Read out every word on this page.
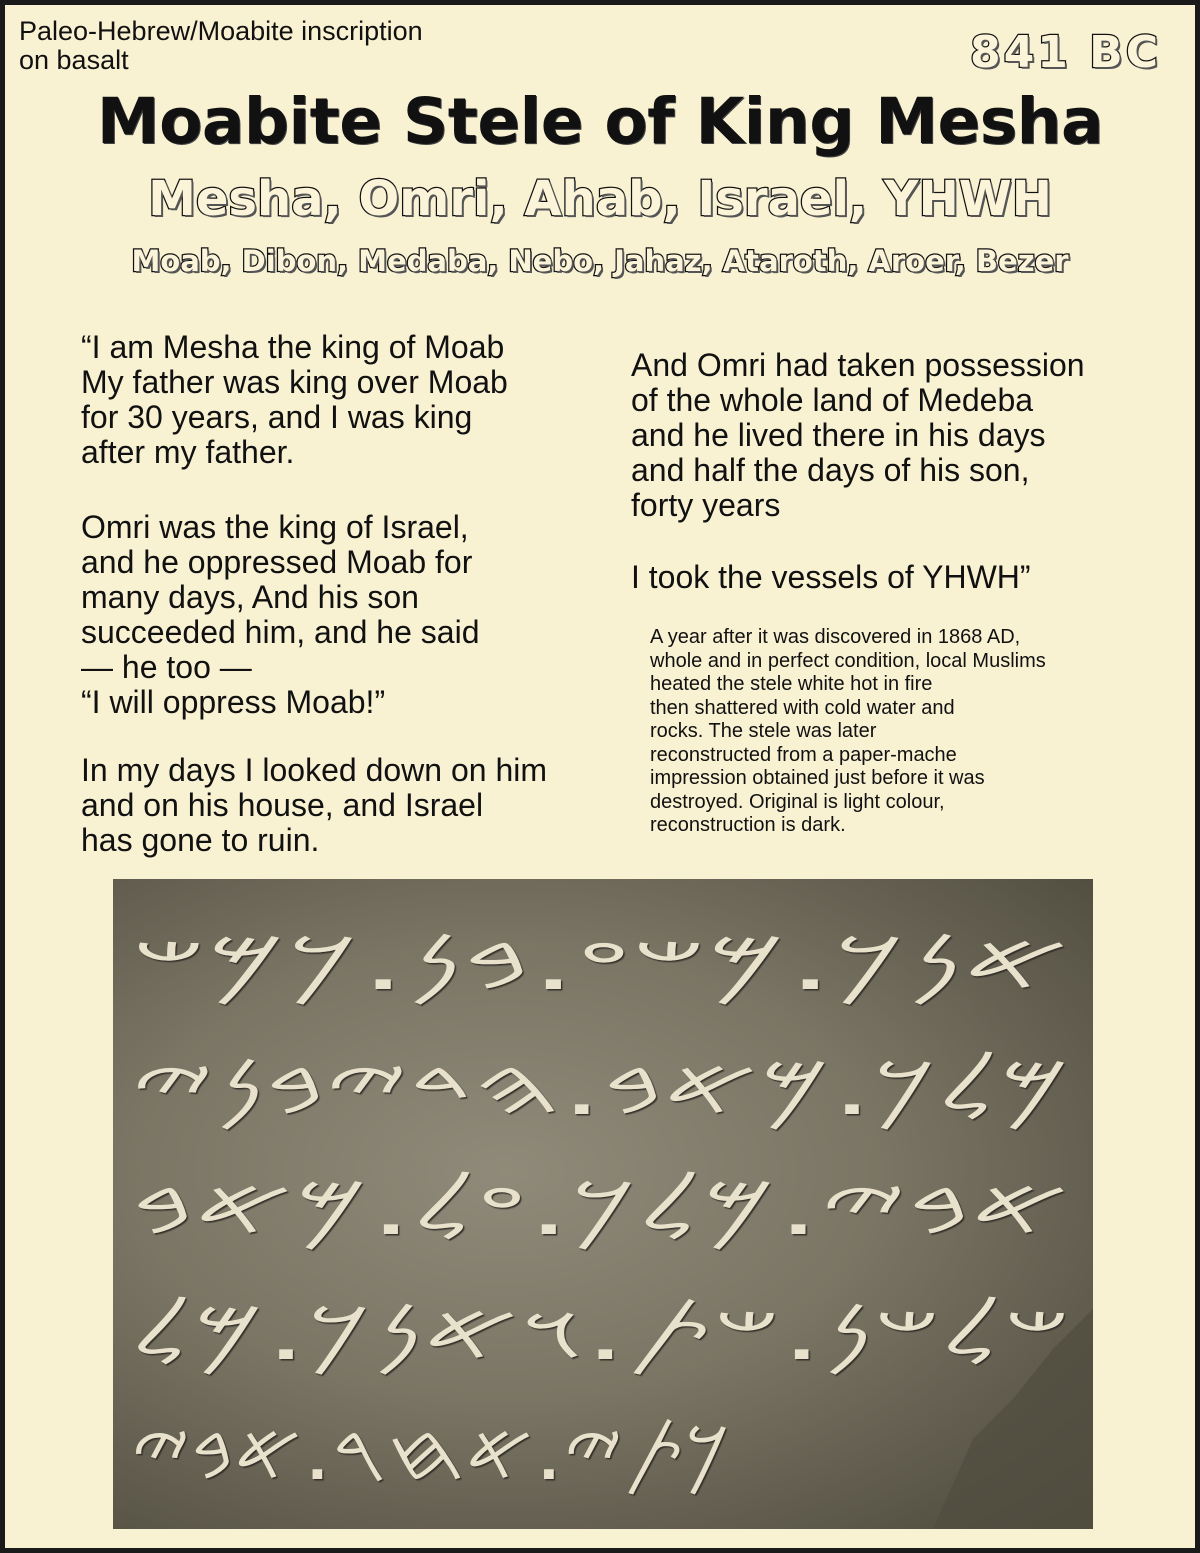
Paleo-Hebrew/Moabite inscription
on basalt	841 BC
Moabite Stele of King Mesha
Mesha, Omri, Ahab, Israel, YHWH
Moab, Dibon, Medaba, Nebo, Jahaz, Ataroth, Aroer, Bezer
“I am Mesha the king of Moab
My father was king over Moab
for 30 years, and I was king
after my father.
Omri was the king of Israel,
and he oppressed Moab for
many days, And his son
succeeded him, and he said
— he too —
“I will oppress Moab!”
In my days I looked down on him
and on his house, and Israel
has gone to ruin.
And Omri had taken possession
of the whole land of Medeba
and he lived there in his days
and half the days of his son,
forty years
I took the vessels of YHWH”
A year after it was discovered in 1868 AD,
whole and in perfect condition, local Muslims
heated the stele white hot in fire
then shattered with cold water and
rocks. The stele was later
reconstructed from a paper-mache
impression obtained just before it was
destroyed. Original is light colour,
reconstruction is dark.
𐤀𐤍𐤊.𐤌𐤔𐤏.𐤁𐤍.𐤊𐤌𐤔
𐤌𐤋𐤊.𐤌𐤀𐤁.𐤄𐤃𐤉𐤁𐤍𐤉
𐤀𐤁𐤉.𐤌𐤋𐤊.𐤏𐤋.𐤌𐤀𐤁
𐤔𐤋𐤔𐤍.𐤔𐤕.𐤅𐤀𐤍𐤊.𐤌𐤋
𐤊𐤕𐤉.𐤀𐤇𐤓.𐤀𐤁𐤉
